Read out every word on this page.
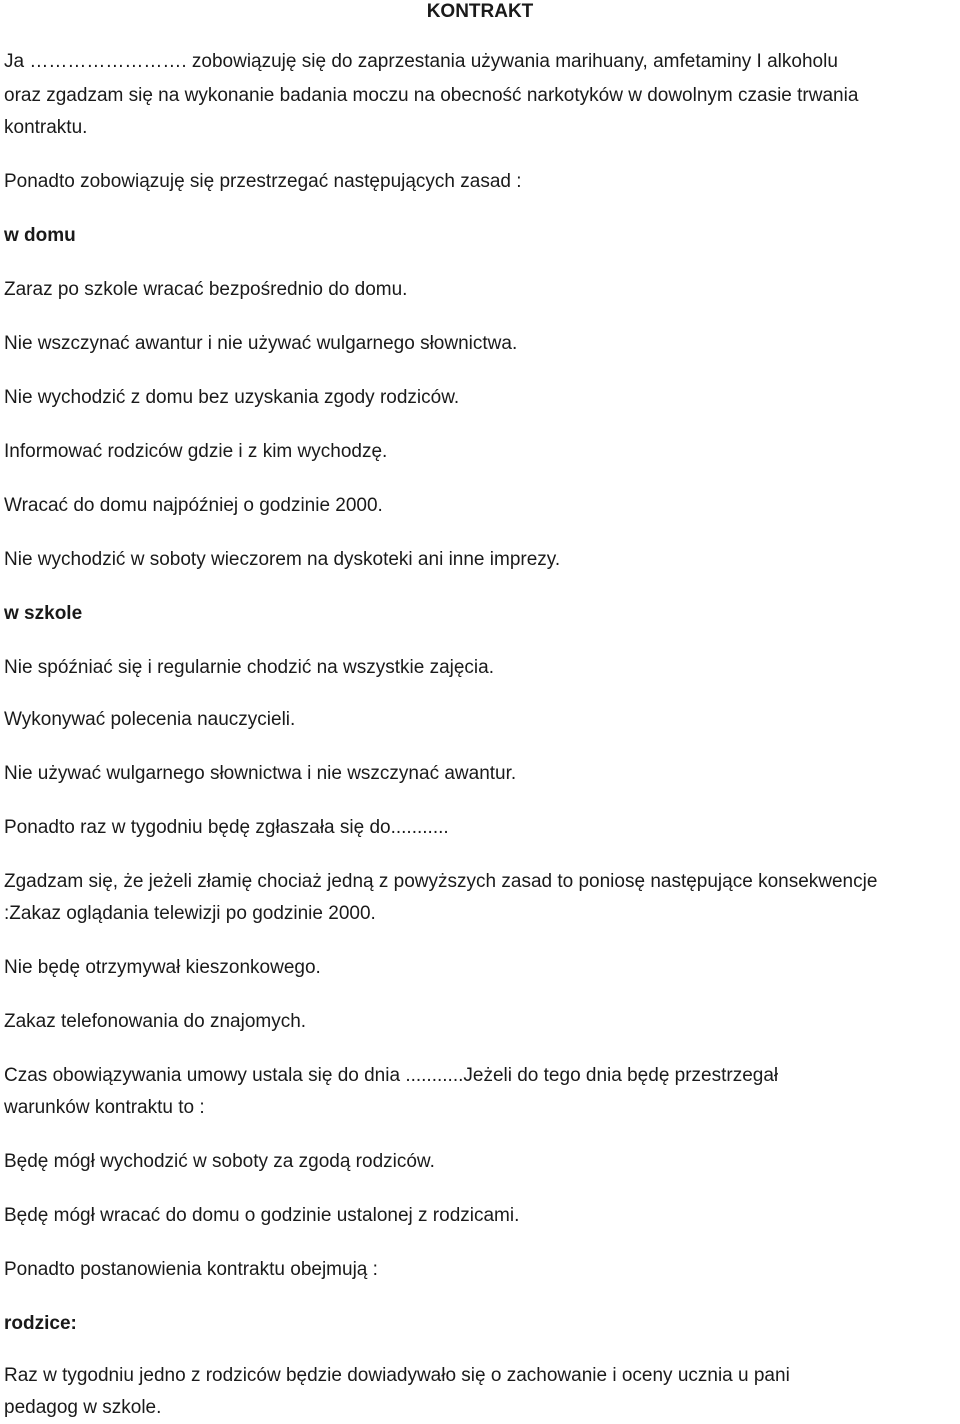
KONTRAKT

Ja ……………………. zobowiązuję się do zaprzestania używania marihuany, amfetaminy I alkoholu

oraz zgadzam się na wykonanie badania moczu na obecność narkotyków w dowolnym czasie trwania

kontraktu.

Ponadto zobowiązuję się przestrzegać następujących zasad :

w domu

Zaraz po szkole wracać bezpośrednio do domu.

Nie wszczynać awantur i nie używać wulgarnego słownictwa.

Nie wychodzić z domu bez uzyskania zgody rodziców.

Informować rodziców gdzie i z kim wychodzę.

Wracać do domu najpóźniej o godzinie 2000.

Nie wychodzić w soboty wieczorem na dyskoteki ani inne imprezy.

w szkole

Nie spóźniać się i regularnie chodzić na wszystkie zajęcia.

Wykonywać polecenia nauczycieli.

Nie używać wulgarnego słownictwa i nie wszczynać awantur.

Ponadto raz w tygodniu będę zgłaszała się do...........

Zgadzam się, że jeżeli złamię chociaż jedną z powyższych zasad to poniosę następujące konsekwencje

:Zakaz oglądania telewizji po godzinie 2000.

Nie będę otrzymywał kieszonkowego.

Zakaz telefonowania do znajomych.

Czas obowiązywania umowy ustala się do dnia ...........Jeżeli do tego dnia będę przestrzegał

warunków kontraktu to :

Będę mógł wychodzić w soboty za zgodą rodziców.

Będę mógł wracać do domu o godzinie ustalonej z rodzicami.

Ponadto postanowienia kontraktu obejmują :

rodzice:

Raz w tygodniu jedno z rodziców będzie dowiadywało się o zachowanie i oceny ucznia u pani

pedagog w szkole.
